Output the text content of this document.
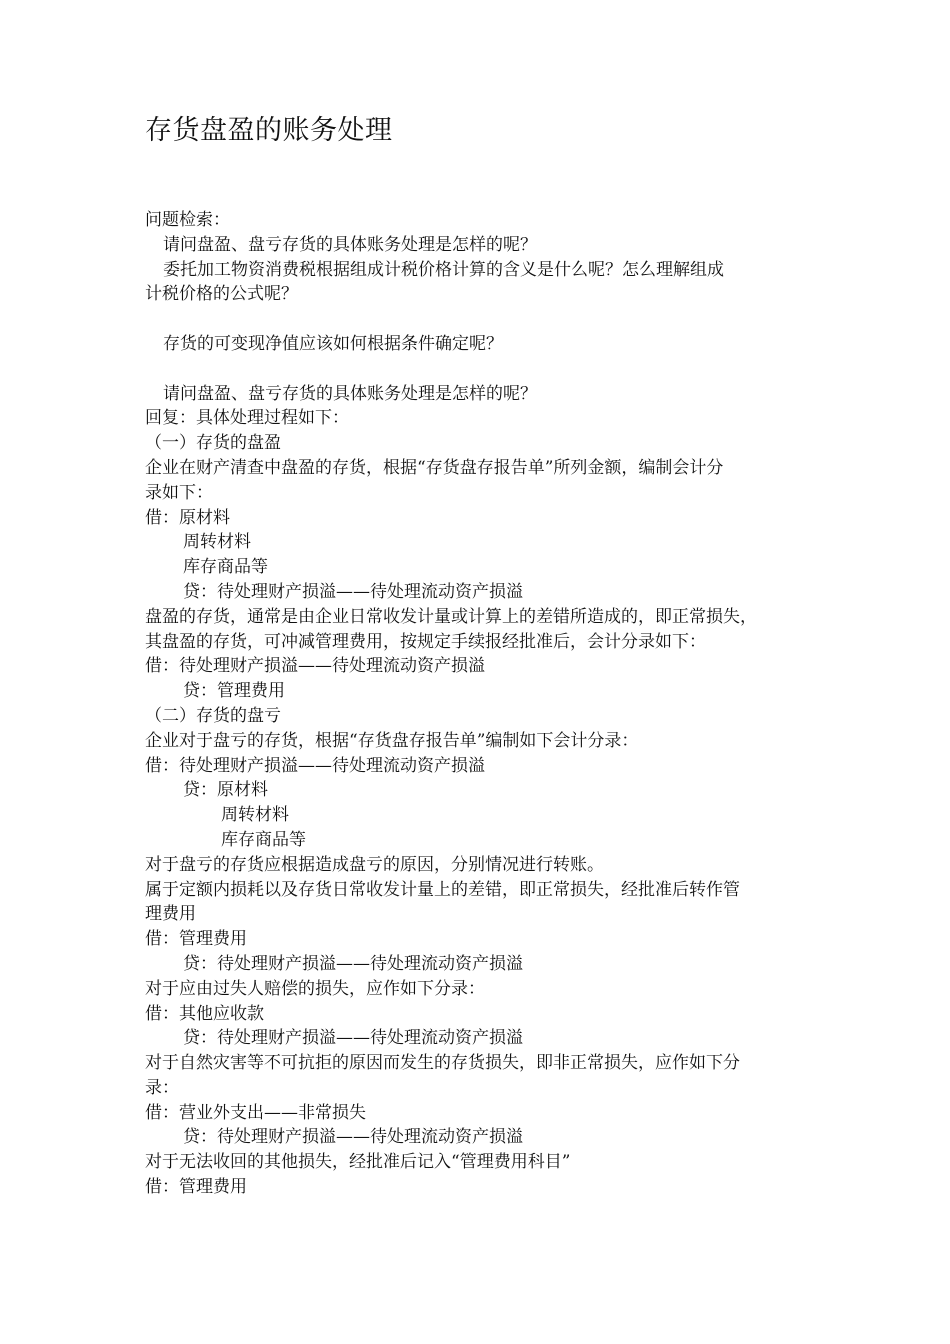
存货盘盈的账务处理
问题检索：
请问盘盈、盘亏存货的具体账务处理是怎样的呢？
委托加工物资消费税根据组成计税价格计算的含义是什么呢？怎么理解组成
计税价格的公式呢？
存货的可变现净值应该如何根据条件确定呢？
请问盘盈、盘亏存货的具体账务处理是怎样的呢？
回复：具体处理过程如下：
（一）存货的盘盈
企业在财产清查中盘盈的存货，根据“存货盘存报告单”所列金额，编制会计分
录如下：
借：原材料
周转材料
库存商品等
贷：待处理财产损溢——待处理流动资产损溢
盘盈的存货，通常是由企业日常收发计量或计算上的差错所造成的，即正常损失，
其盘盈的存货，可冲减管理费用，按规定手续报经批准后，会计分录如下：
借：待处理财产损溢——待处理流动资产损溢
贷：管理费用
（二）存货的盘亏
企业对于盘亏的存货，根据“存货盘存报告单”编制如下会计分录：
借：待处理财产损溢——待处理流动资产损溢
贷：原材料
周转材料
库存商品等
对于盘亏的存货应根据造成盘亏的原因，分别情况进行转账。
属于定额内损耗以及存货日常收发计量上的差错，即正常损失，经批准后转作管
理费用
借：管理费用
贷：待处理财产损溢——待处理流动资产损溢
对于应由过失人赔偿的损失，应作如下分录：
借：其他应收款
贷：待处理财产损溢——待处理流动资产损溢
对于自然灾害等不可抗拒的原因而发生的存货损失，即非正常损失，应作如下分
录：
借：营业外支出——非常损失
贷：待处理财产损溢——待处理流动资产损溢
对于无法收回的其他损失，经批准后记入“管理费用科目”
借：管理费用
